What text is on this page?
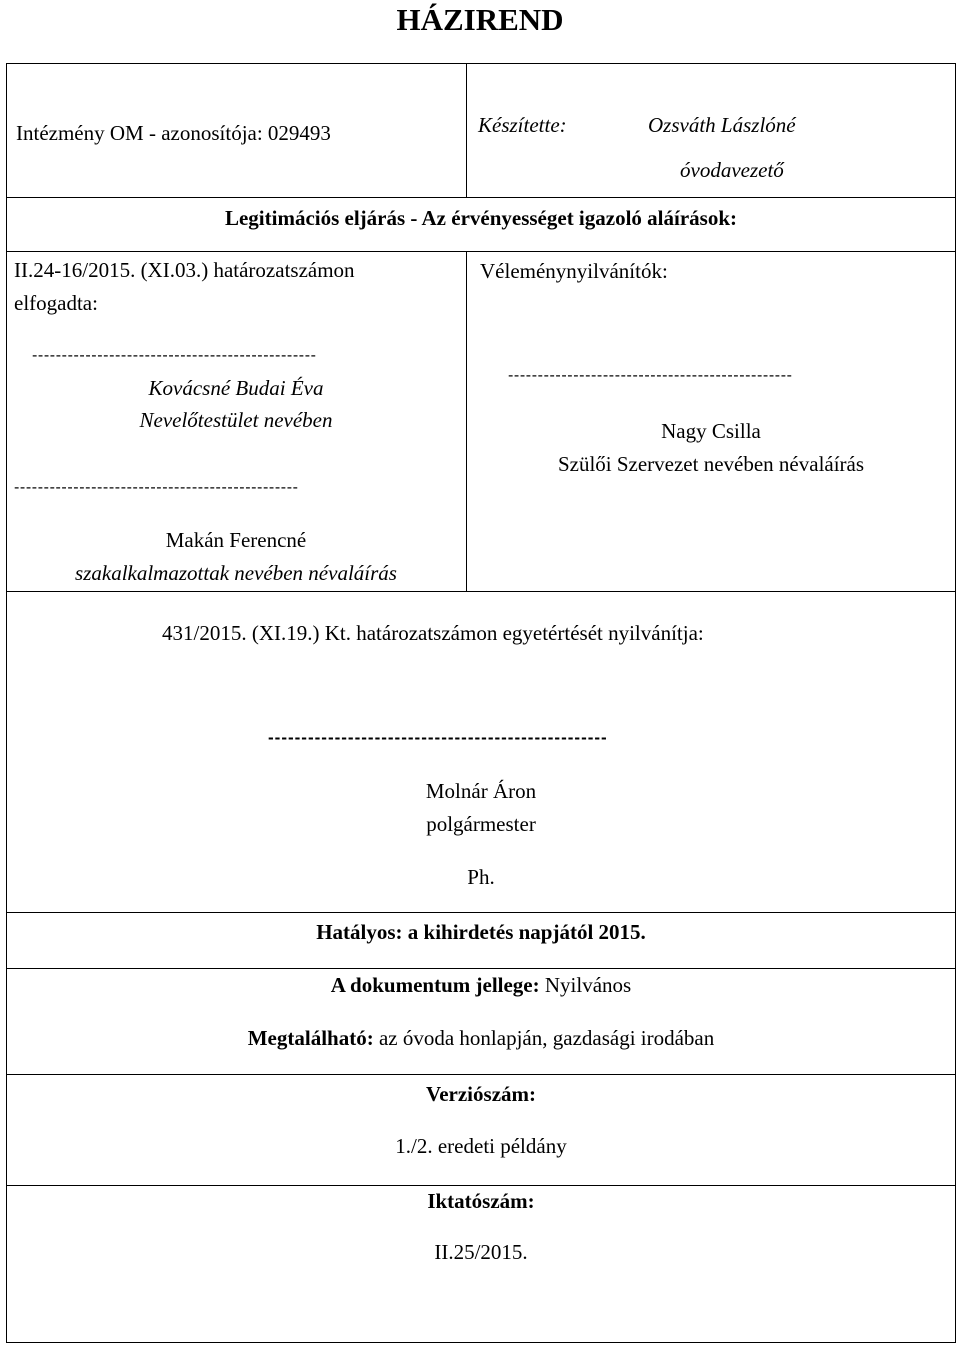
HÁZIREND
Intézmény OM - azonosítója: 029493	Készítette:	Ozsváth Lászlóné
óvodavezető
Legitimációs eljárás - Az érvényességet igazoló aláírások:
II.24-16/2015. (XI.03.) határozatszámon
elfogadta:
------------------------------------------------
Kovácsné Budai Éva
Nevelőtestület nevében
------------------------------------------------
Makán Ferencné
szakalkalmazottak nevében névaláírás
Véleménynyilvánítók:
------------------------------------------------
Nagy Csilla
Szülői Szervezet nevében névaláírás
431/2015. (XI.19.) Kt. határozatszámon egyetértését nyilvánítja:
---------------------------------------------------
Molnár Áron
polgármester
Ph.
Hatályos: a kihirdetés napjától 2015.
A dokumentum jellege: Nyilvános
Megtalálható: az óvoda honlapján, gazdasági irodában
Verziószám:
1./2. eredeti példány
Iktatószám:
II.25/2015.
